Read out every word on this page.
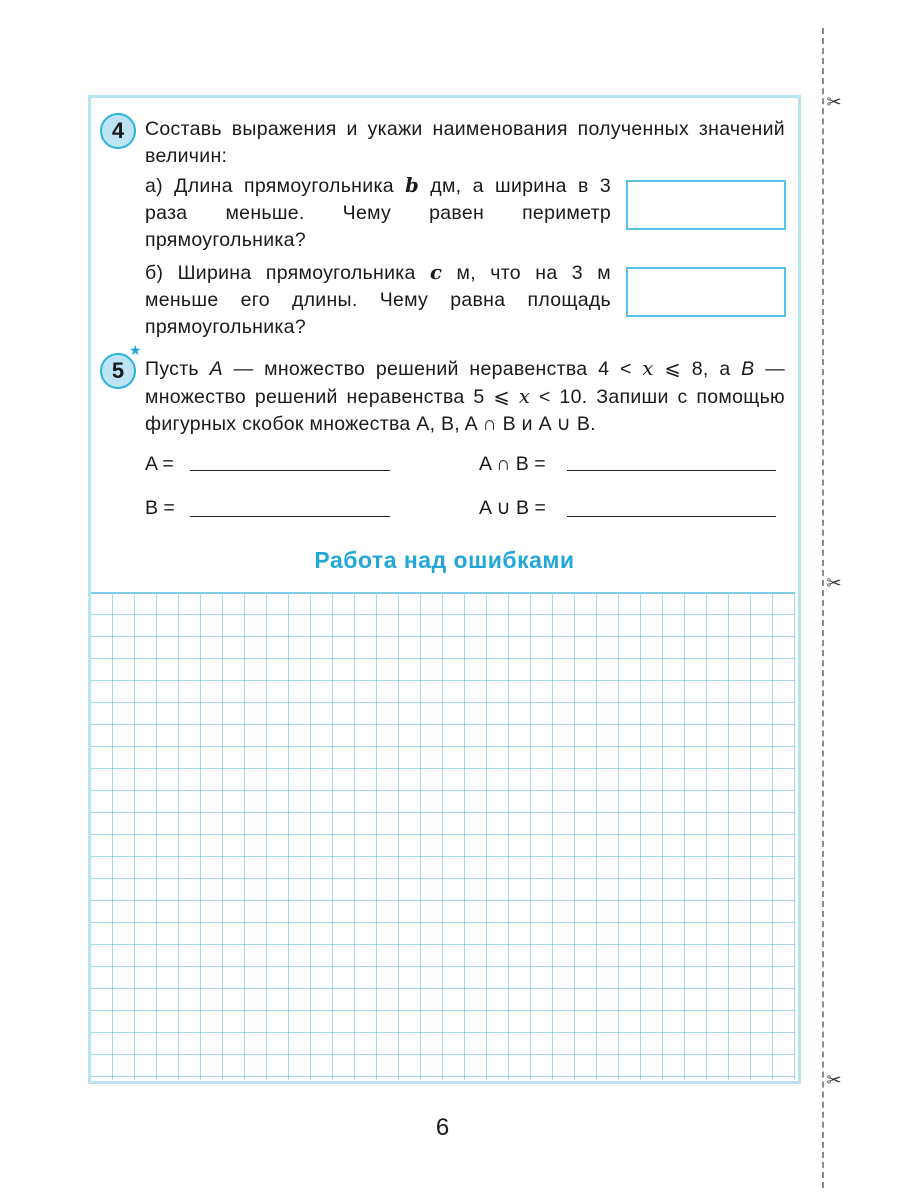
✂
✂
✂
4	Составь выражения и укажи наименования полученных значений величин:
а) Длина прямоугольника b дм, а ширина в 3 раза меньше. Чему равен периметр прямоугольника?
б) Ширина прямоугольника c м, что на 3 м меньше его длины. Чему равна площадь прямоугольника?
★
5	Пусть A — множество решений неравенства 4 < x ⩽ 8, а B — множество решений неравенства 5 ⩽ x < 10. Запиши с помощью фигурных скобок множества A, B, A ∩ B и A ∪ B.
A =	A ∩ B =
B =	A ∪ B =
Работа над ошибками
6
